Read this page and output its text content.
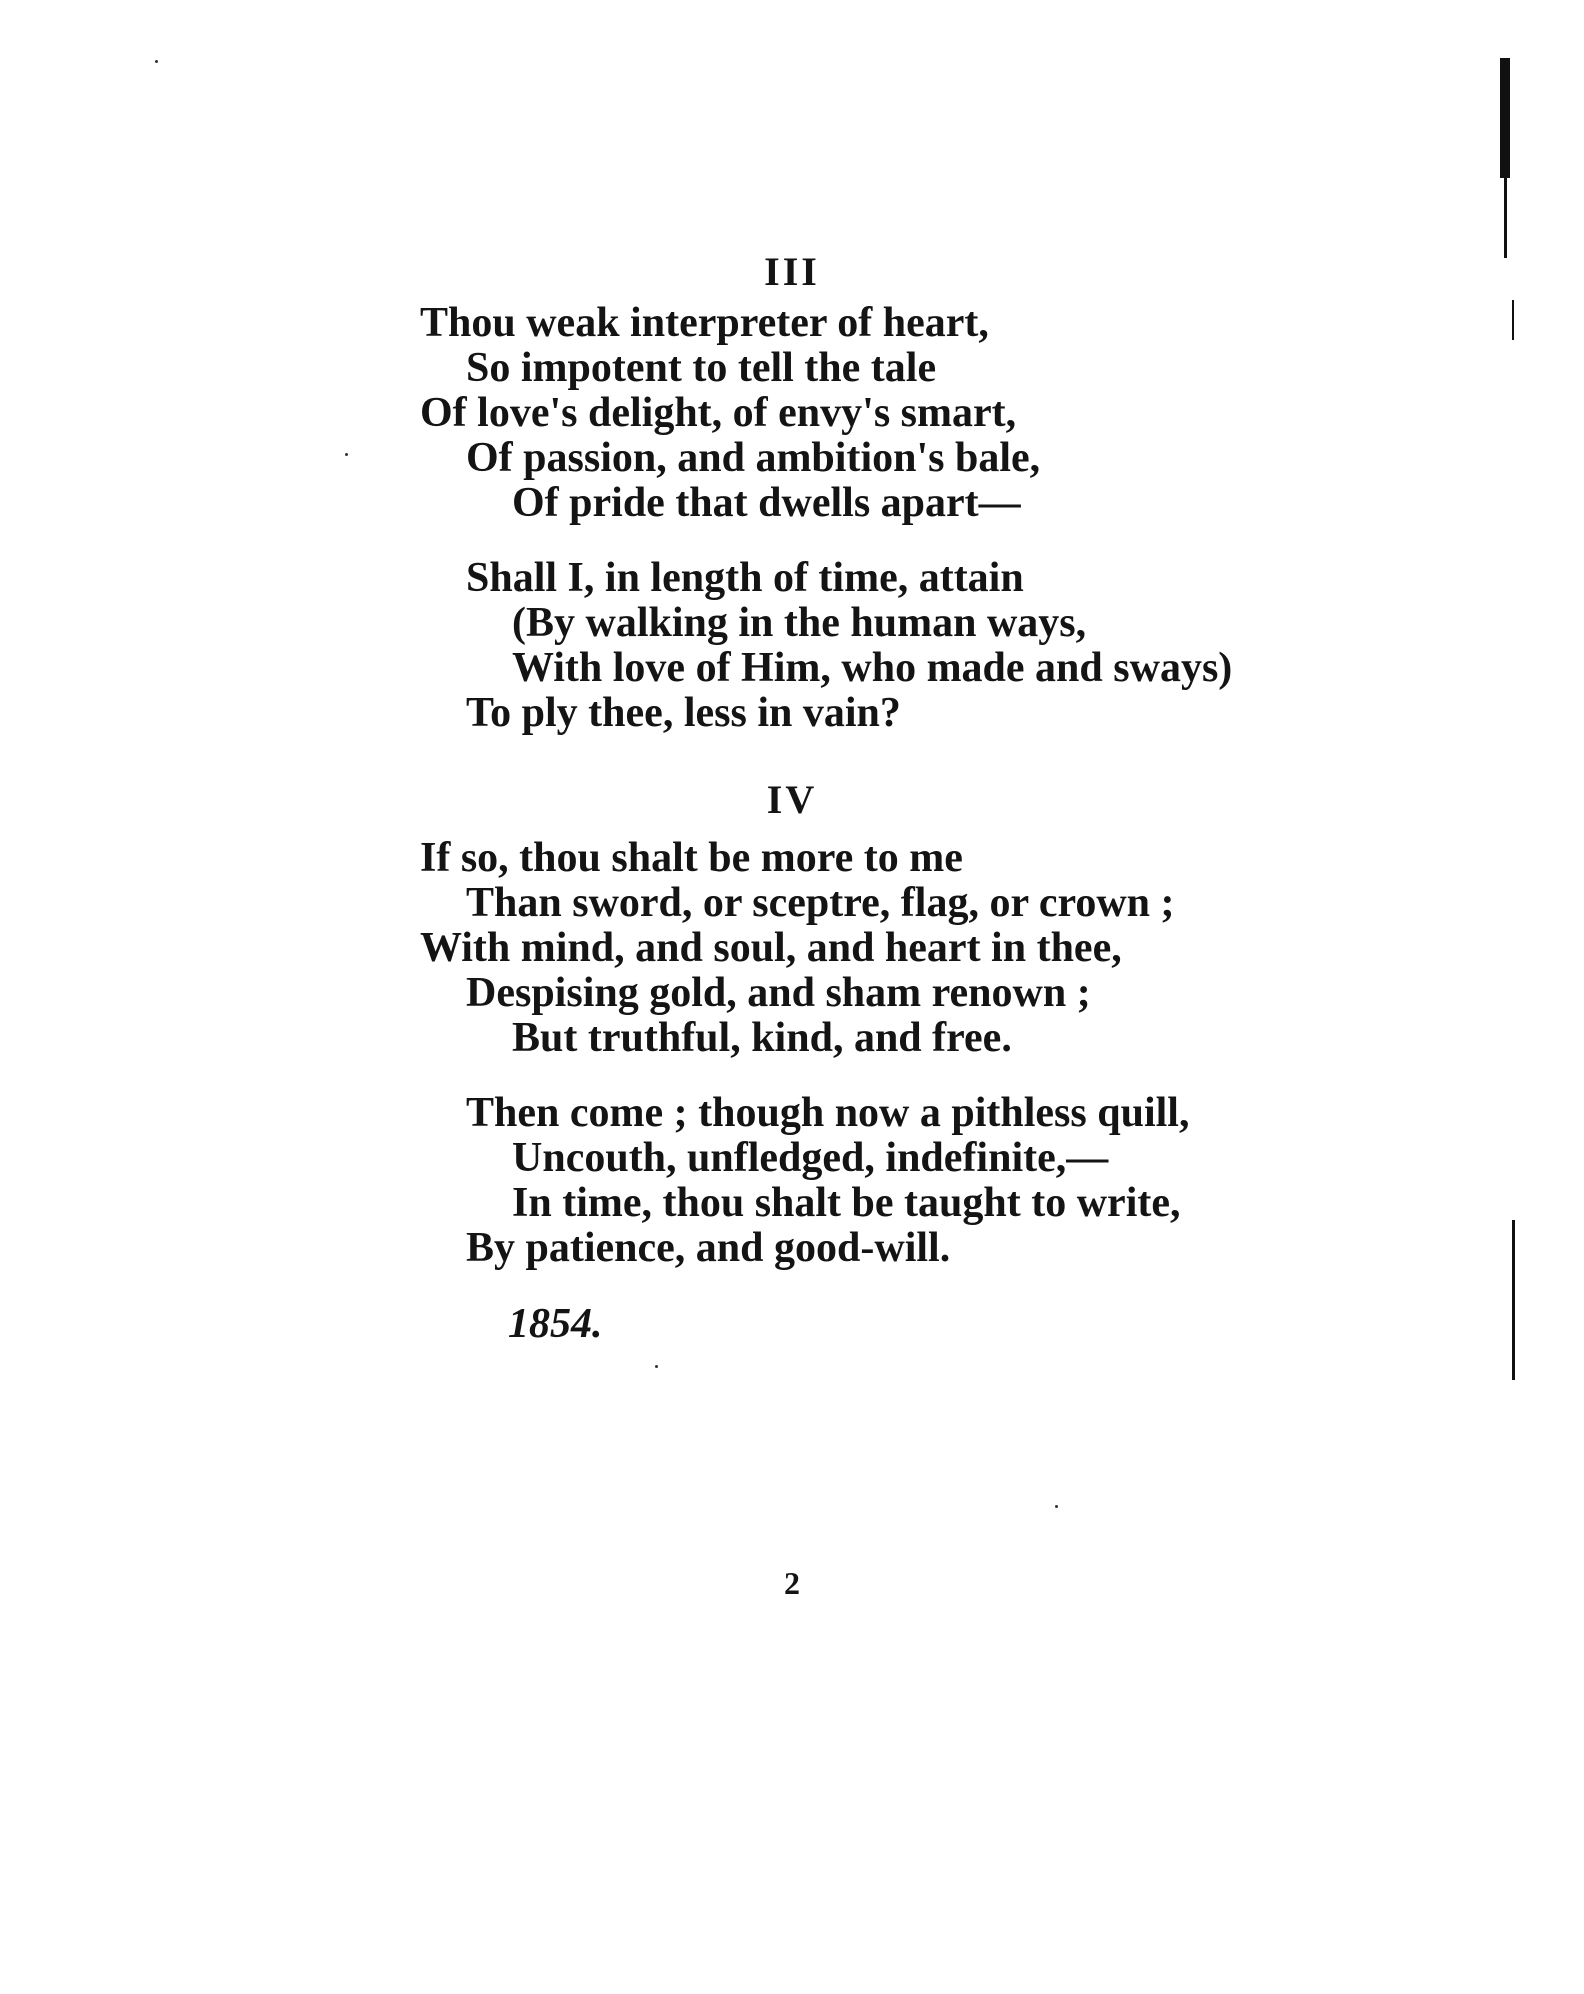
III

Thou weak interpreter of heart,

So impotent to tell the tale

Of love's delight, of envy's smart,

Of passion, and ambition's bale,

Of pride that dwells apart—

Shall I, in length of time, attain

(By walking in the human ways,

With love of Him, who made and sways)

To ply thee, less in vain?

IV

If so, thou shalt be more to me

Than sword, or sceptre, flag, or crown ;

With mind, and soul, and heart in thee,

Despising gold, and sham renown ;

But truthful, kind, and free.

Then come ; though now a pithless quill,

Uncouth, unfledged, indefinite,—

In time, thou shalt be taught to write,

By patience, and good-will.

1854.

2
